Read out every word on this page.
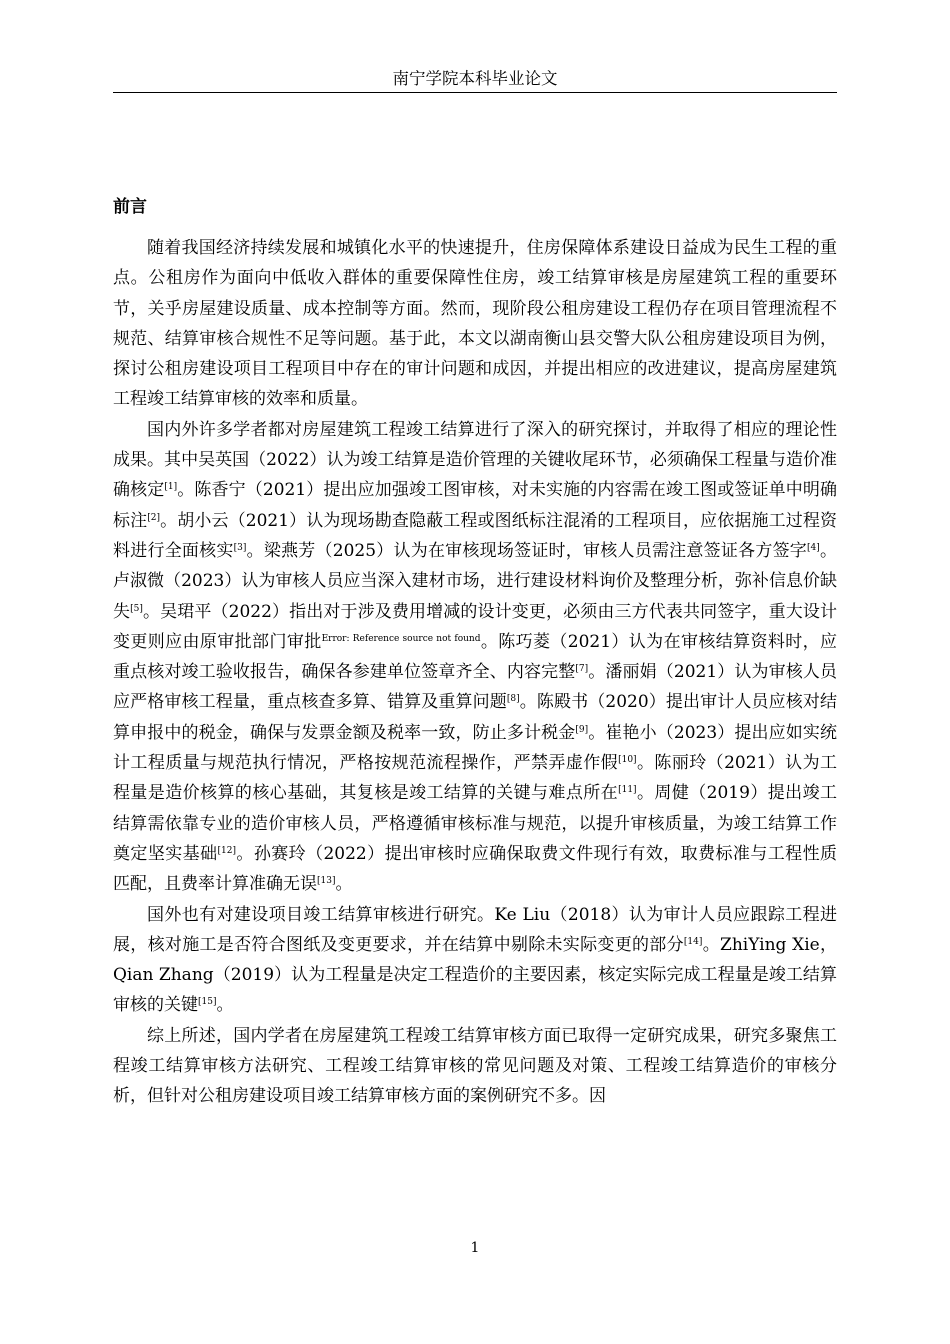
南宁学院本科毕业论文
前言

随着我国经济持续发展和城镇化水平的快速提升，住房保障体系建设日益成为民生工程的重点。公租房作为面向中低收入群体的重要保障性住房，竣工结算审核是房屋建筑工程的重要环节，关乎房屋建设质量、成本控制等方面。然而，现阶段公租房建设工程仍存在项目管理流程不规范、结算审核合规性不足等问题。基于此，本文以湖南衡山县交警大队公租房建设项目为例，探讨公租房建设项目工程项目中存在的审计问题和成因，并提出相应的改进建议，提高房屋建筑工程竣工结算审核的效率和质量。

国内外许多学者都对房屋建筑工程竣工结算进行了深入的研究探讨，并取得了相应的理论性成果。其中吴英国（2022）认为竣工结算是造价管理的关键收尾环节，必须确保工程量与造价准确核定[1]。陈香宁（2021）提出应加强竣工图审核，对未实施的内容需在竣工图或签证单中明确标注[2]。胡小云（2021）认为现场勘查隐蔽工程或图纸标注混淆的工程项目，应依据施工过程资料进行全面核实[3]。梁燕芳（2025）认为在审核现场签证时，审核人员需注意签证各方签字[4]。卢淑微（2023）认为审核人员应当深入建材市场，进行建设材料询价及整理分析，弥补信息价缺失[5]。吴珺平（2022）指出对于涉及费用增减的设计变更，必须由三方代表共同签字，重大设计变更则应由原审批部门审批$^{Error: Reference source not found}$。陈巧菱（2021）认为在审核结算资料时，应重点核对竣工验收报告，确保各参建单位签章齐全、内容完整[7]。潘丽娟（2021）认为审核人员应严格审核工程量，重点核查多算、错算及重算问题[8]。陈殿书（2020）提出审计人员应核对结算申报中的税金，确保与发票金额及税率一致，防止多计税金[9]。崔艳小（2023）提出应如实统计工程质量与规范执行情况，严格按规范流程操作，严禁弄虚作假[10]。陈丽玲（2021）认为工程量是造价核算的核心基础，其复核是竣工结算的关键与难点所在[11]。周健（2019）提出竣工结算需依靠专业的造价审核人员，严格遵循审核标准与规范，以提升审核质量，为竣工结算工作奠定坚实基础[12]。孙赛玲（2022）提出审核时应确保取费文件现行有效，取费标准与工程性质匹配，且费率计算准确无误[13]。

国外也有对建设项目竣工结算审核进行研究。Ke Liu（2018）认为审计人员应跟踪工程进展，核对施工是否符合图纸及变更要求，并在结算中剔除未实际变更的部分[14]。ZhiYing Xie，Qian Zhang（2019）认为工程量是决定工程造价的主要因素，核定实际完成工程量是竣工结算审核的关键[15]。

综上所述，国内学者在房屋建筑工程竣工结算审核方面已取得一定研究成果，研究多聚焦工程竣工结算审核方法研究、工程竣工结算审核的常见问题及对策、工程竣工结算造价的审核分析，但针对公租房建设项目竣工结算审核方面的案例研究不多。因

1
